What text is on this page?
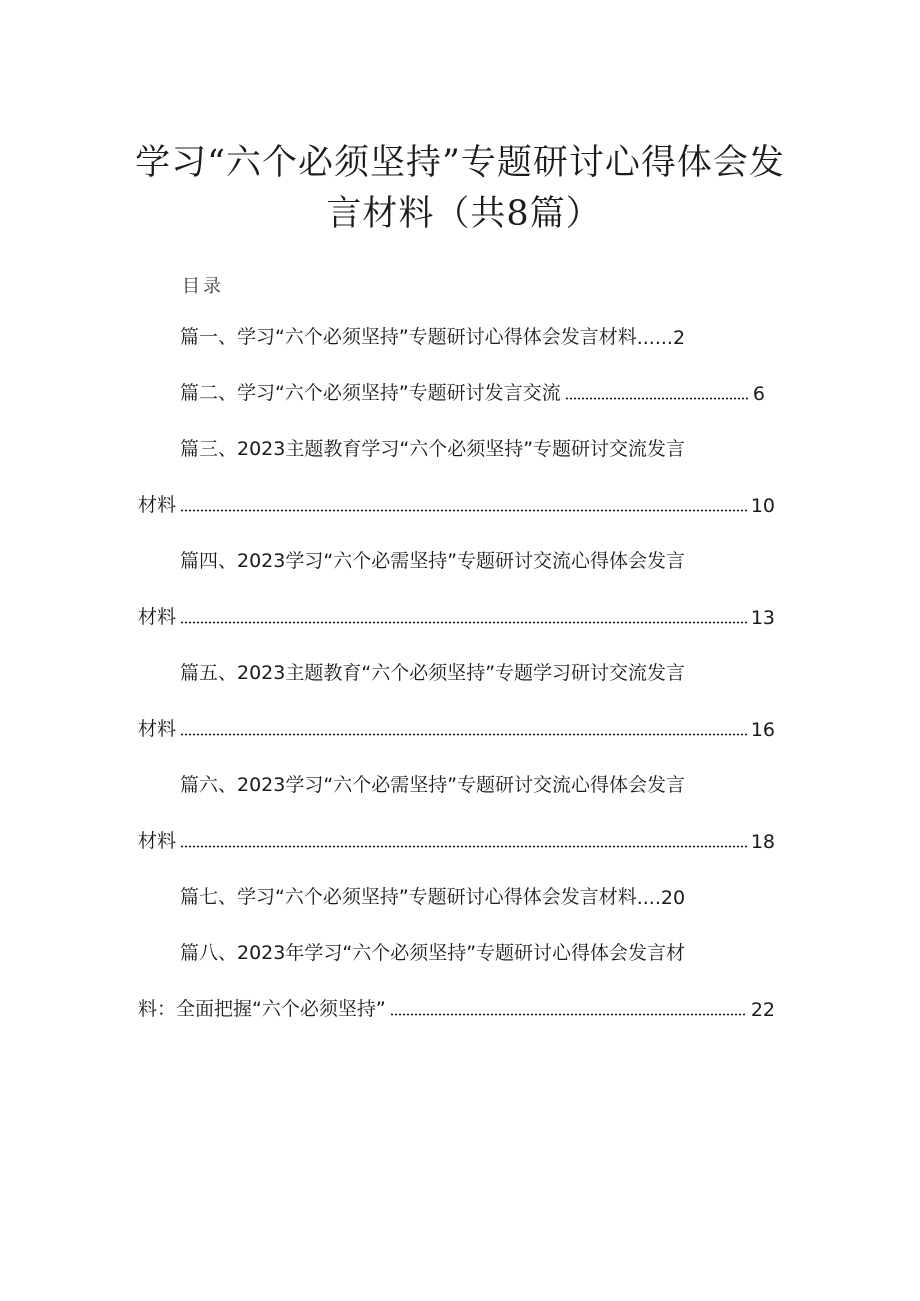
学习“六个必须坚持”专题研讨心得体会发
言材料（共8篇）
目录
篇一、学习“六个必须坚持”专题研讨心得体会发言材料 ...... 2
篇二、学习“六个必须坚持”专题研讨发言交流	6
篇三、2023主题教育学习“六个必须坚持”专题研讨交流发言
材料	10
篇四、2023学习“六个必需坚持”专题研讨交流心得体会发言
材料	13
篇五、2023主题教育“六个必须坚持”专题学习研讨交流发言
材料	16
篇六、2023学习“六个必需坚持”专题研讨交流心得体会发言
材料	18
篇七、学习“六个必须坚持”专题研讨心得体会发言材料 .... 20
篇八、2023年学习“六个必须坚持”专题研讨心得体会发言材
料：全面把握“六个必须坚持”	22
